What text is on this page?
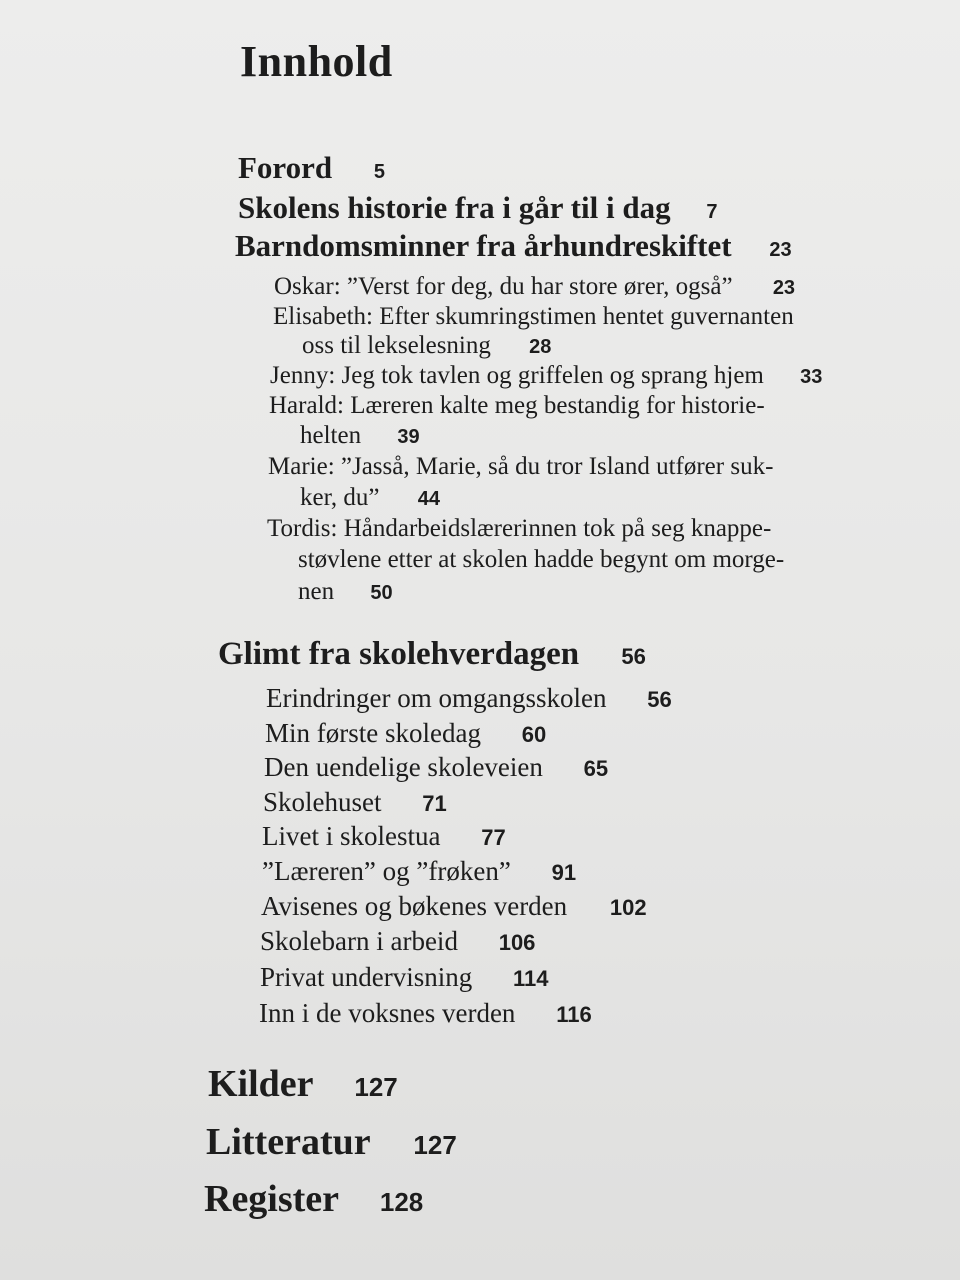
Innhold
Forord 5
Skolens historie fra i går til i dag 7
Barndomsminner fra århundreskiftet 23
Oskar: ”Verst for deg, du har store ører, også” 23
Elisabeth: Efter skumringstimen hentet guvernanten
oss til lekselesning 28
Jenny: Jeg tok tavlen og griffelen og sprang hjem 33
Harald: Læreren kalte meg bestandig for historie-
helten 39
Marie: ”Jasså, Marie, så du tror Island utfører suk-
ker, du” 44
Tordis: Håndarbeidslærerinnen tok på seg knappe-
støvlene etter at skolen hadde begynt om morge-
nen 50
Glimt fra skolehverdagen 56
Erindringer om omgangsskolen 56
Min første skoledag 60
Den uendelige skoleveien 65
Skolehuset 71
Livet i skolestua 77
”Læreren” og ”frøken” 91
Avisenes og bøkenes verden 102
Skolebarn i arbeid 106
Privat undervisning 114
Inn i de voksnes verden 116
Kilder 127
Litteratur 127
Register 128
